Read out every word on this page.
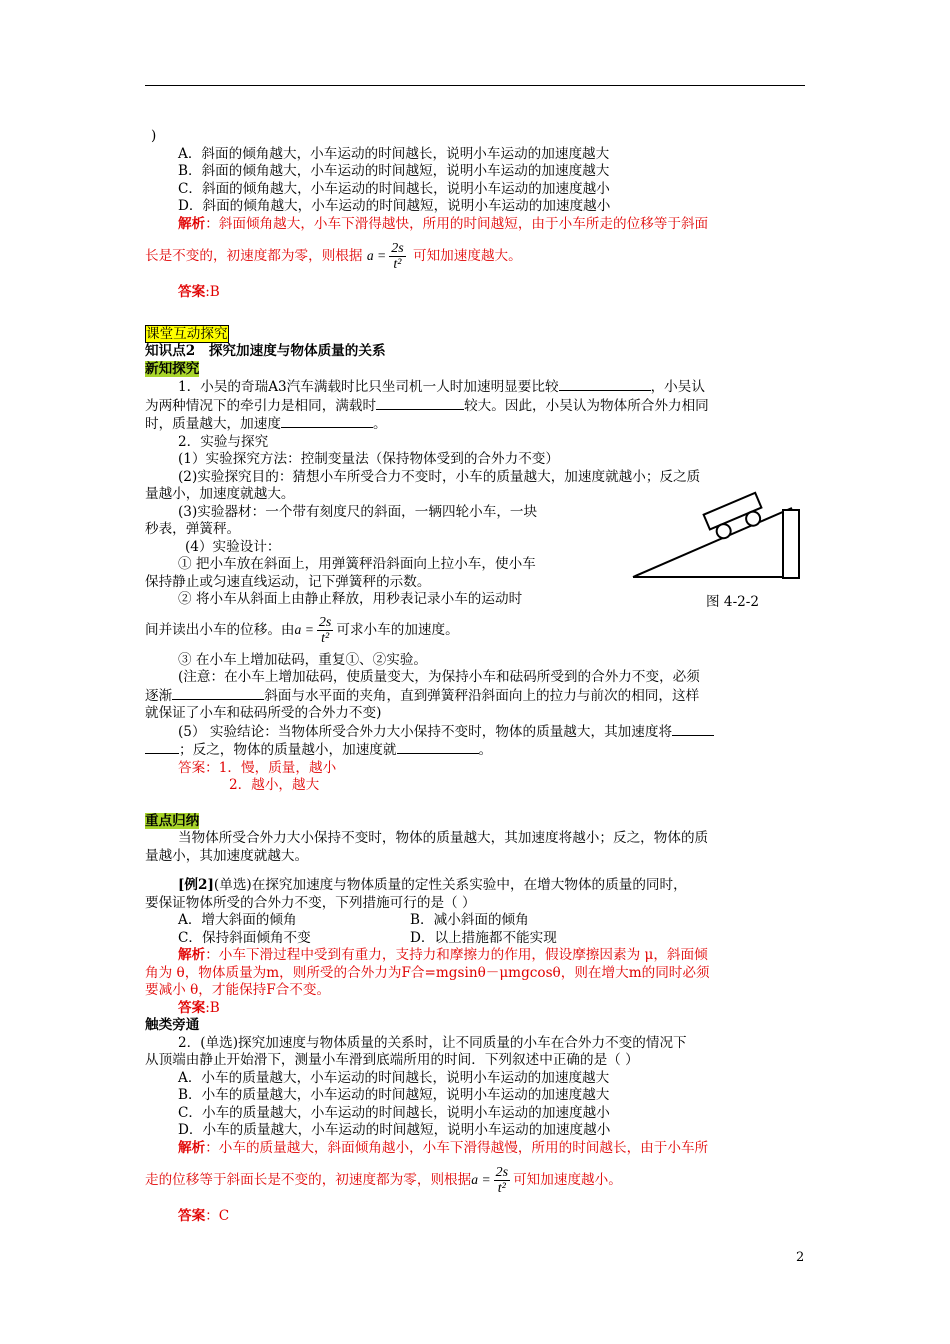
)
A．斜面的倾角越大，小车运动的时间越长，说明小车运动的加速度越大
B．斜面的倾角越大，小车运动的时间越短，说明小车运动的加速度越大
C．斜面的倾角越大，小车运动的时间越长，说明小车运动的加速度越小
D．斜面的倾角越大，小车运动的时间越短，说明小车运动的加速度越小
解析：斜面倾角越大，小车下滑得越快，所用的时间越短，由于小车所走的位移等于斜面
长是不变的，初速度都为零，则根据 $a = \frac{2s}{\text{t²}}$ 可知加速度越大。
答案:B
课堂互动探究
知识点2　探究加速度与物体质量的关系
新知探究
1．小吴的奇瑞A3汽车满载时比只坐司机一人时加速明显要比较	，小吴认
为两种情况下的牵引力是相同，满载时	较大。因此，小吴认为物体所合外力相同
时，质量越大，加速度	。
2．实验与探究
(1）实验探究方法：控制变量法（保持物体受到的合外力不变）
(2)实验探究目的：猜想小车所受合力不变时，小车的质量越大，加速度就越小；反之质
量越小，加速度就越大。
(3)实验器材：一个带有刻度尺的斜面，一辆四轮小车，一块
秒表，弹簧秤。
(4）实验设计：
① 把小车放在斜面上，用弹簧秤沿斜面向上拉小车，使小车
保持静止或匀速直线运动，记下弹簧秤的示数。
② 将小车从斜面上由静止释放，用秒表记录小车的运动时
间并读出小车的位移。由$a = \frac{2s}{\text{t²}}$ 可求小车的加速度。
③ 在小车上增加砝码，重复①、②实验。
(注意：在小车上增加砝码，使质量变大，为保持小车和砝码所受到的合外力不变，必须
逐渐	斜面与水平面的夹角，直到弹簧秤沿斜面向上的拉力与前次的相同，这样
就保证了小车和砝码所受的合外力不变)
(5） 实验结论：当物体所受合外力大小保持不变时，物体的质量越大，其加速度将
；反之，物体的质量越小，加速度就	。
答案：1．慢，质量，越小
2．越小，越大
重点归纳
当物体所受合外力大小保持不变时，物体的质量越大，其加速度将越小；反之，物体的质
量越小，其加速度就越大。
[例2](单选)在探究加速度与物体质量的定性关系实验中，在增大物体的质量的同时，
要保证物体所受的合外力不变，下列措施可行的是（ ）
A．增大斜面的倾角	B．减小斜面的倾角
C．保持斜面倾角不变	D．以上措施都不能实现
解析：小车下滑过程中受到有重力，支持力和摩擦力的作用，假设摩擦因素为 μ，斜面倾
角为 θ，物体质量为m，则所受的合外力为F合=mgsinθ－μmgcosθ，则在增大m的同时必须
要减小 θ，才能保持F合不变。
答案:B
触类旁通
2．(单选)探究加速度与物体质量的关系时，让不同质量的小车在合外力不变的情况下
从顶端由静止开始滑下，测量小车滑到底端所用的时间．下列叙述中正确的是（ ）
A．小车的质量越大，小车运动的时间越长，说明小车运动的加速度越大
B．小车的质量越大，小车运动的时间越短，说明小车运动的加速度越大
C．小车的质量越大，小车运动的时间越长，说明小车运动的加速度越小
D．小车的质量越大，小车运动的时间越短，说明小车运动的加速度越小
解析：小车的质量越大，斜面倾角越小，小车下滑得越慢，所用的时间越长，由于小车所
走的位移等于斜面长是不变的，初速度都为零，则根据$a = \frac{2s}{\text{t²}}$ 可知加速度越小。
答案：C
图 4-2-2
2
